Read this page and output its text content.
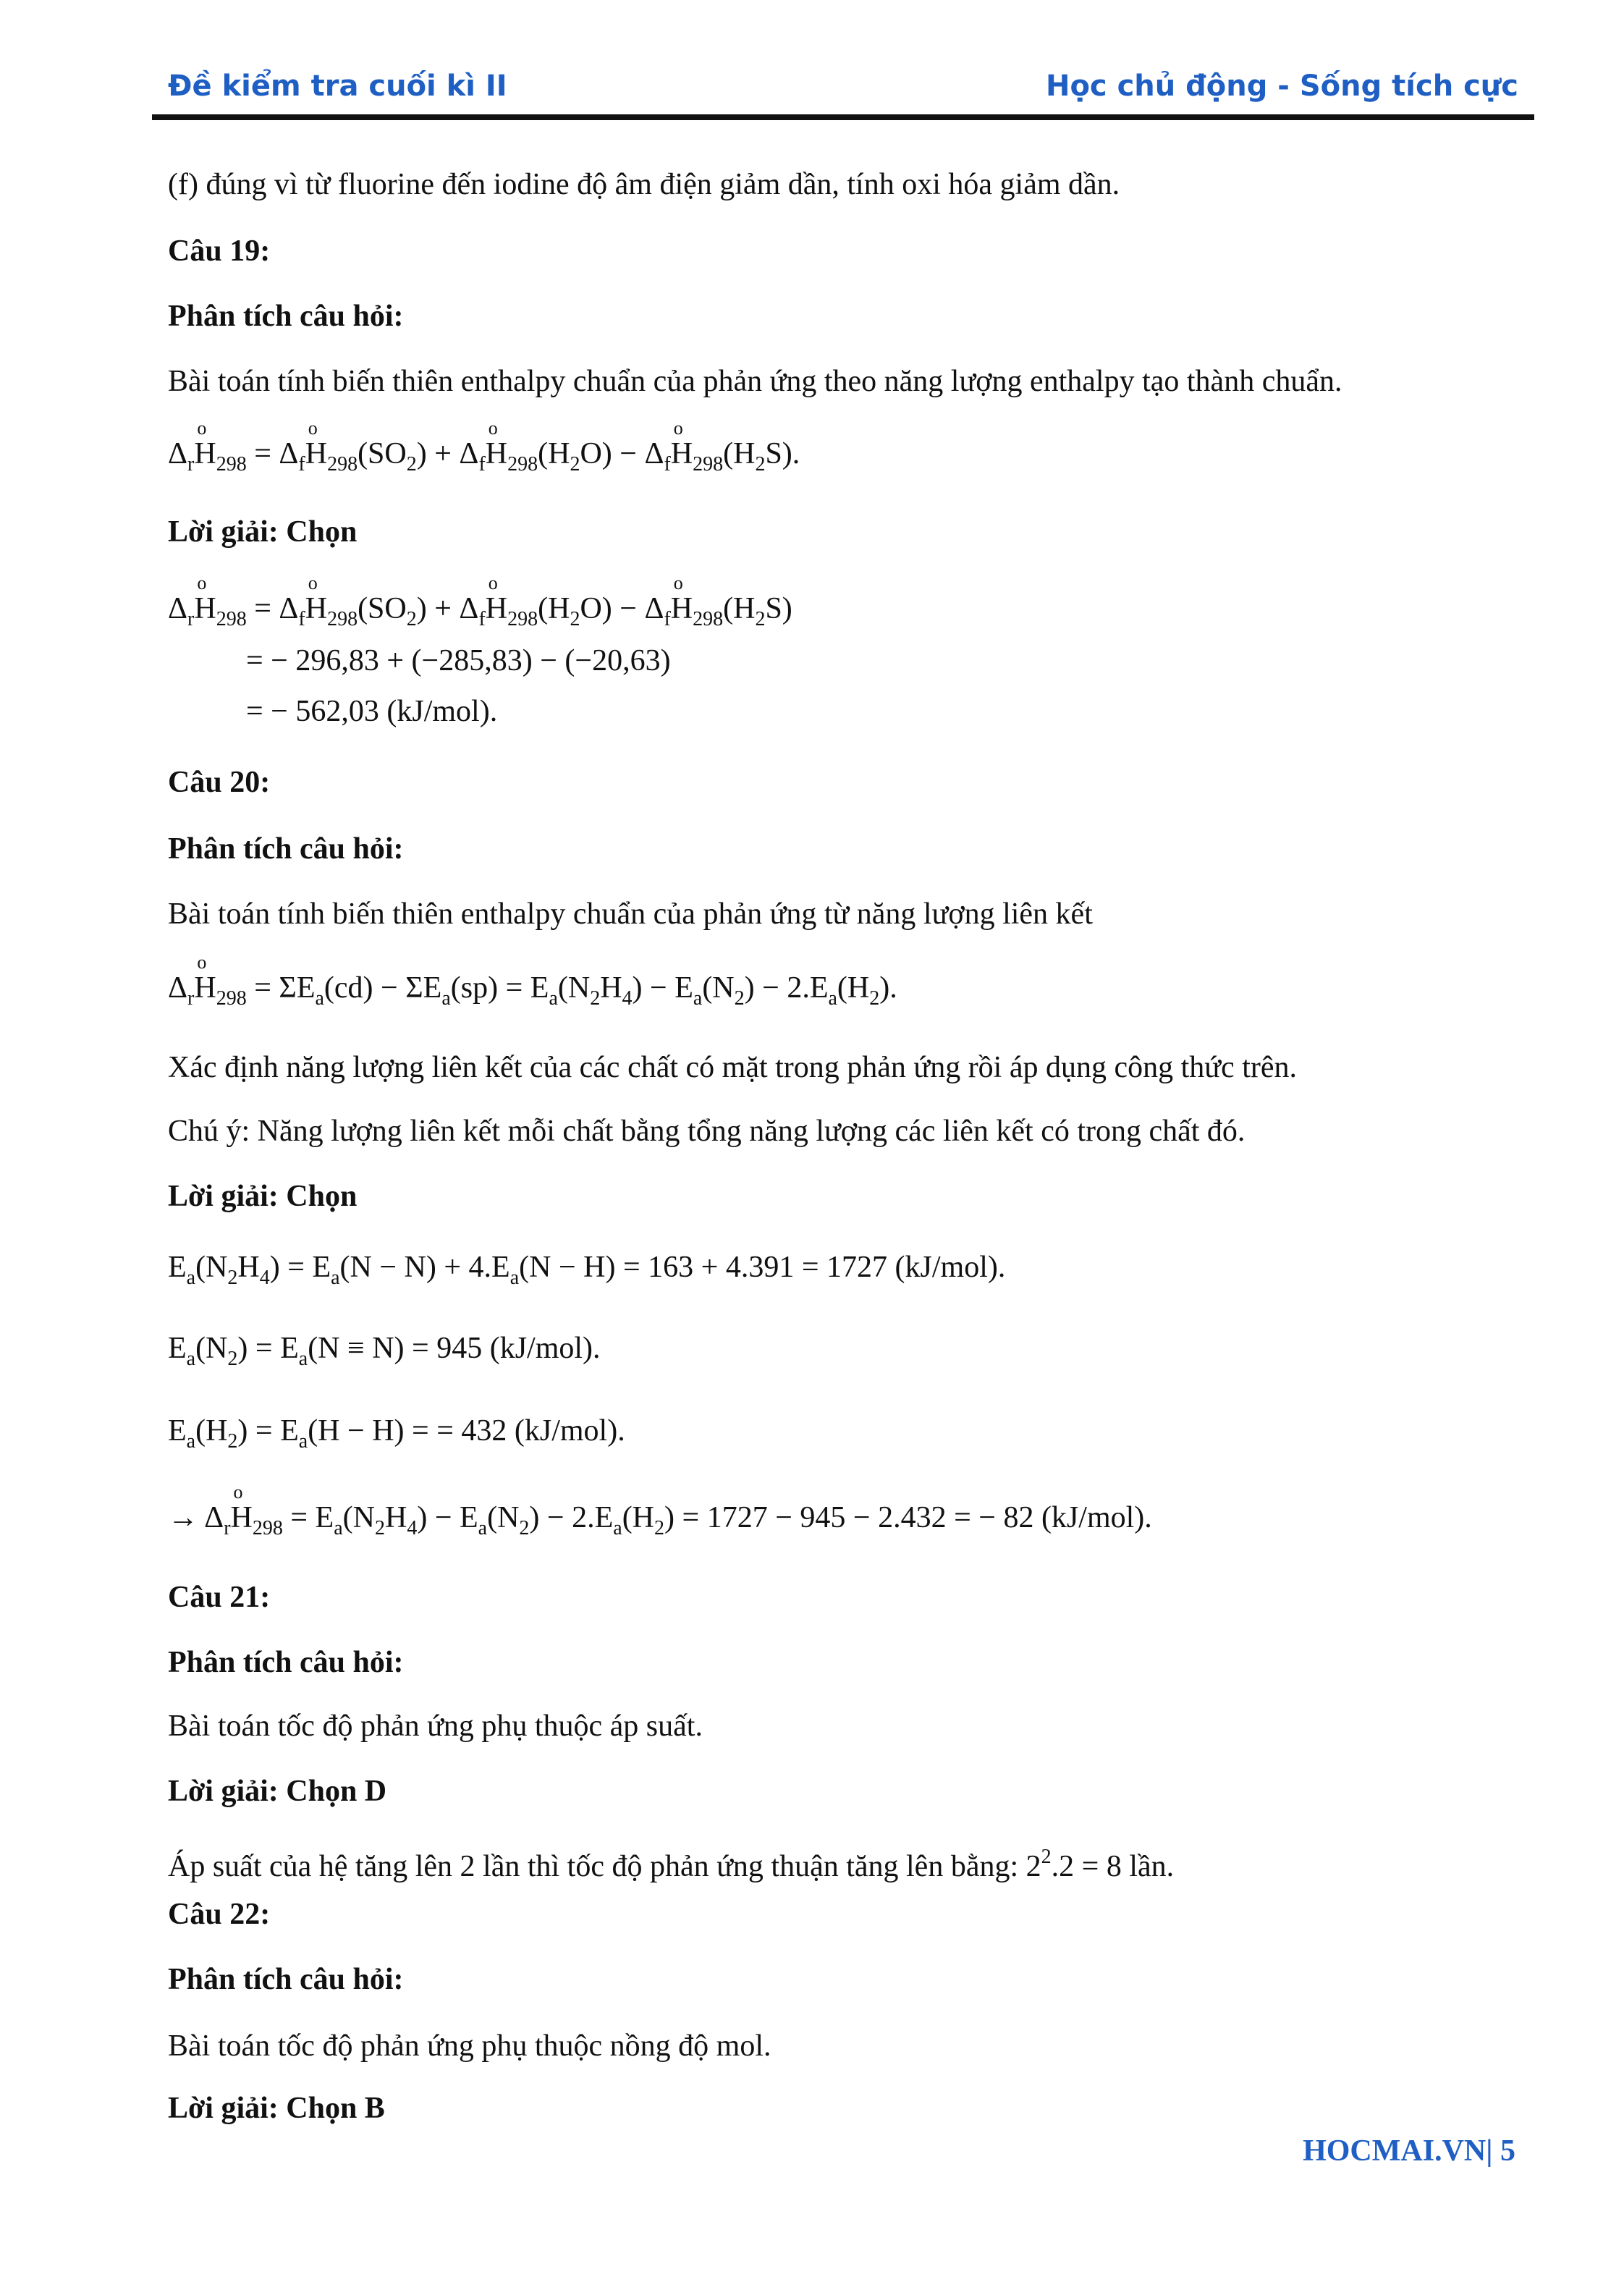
Đề kiểm tra cuối kì II	Học chủ động - Sống tích cực
(f) đúng vì từ fluorine đến iodine độ âm điện giảm dần, tính oxi hóa giảm dần.
Câu 19:
Phân tích câu hỏi:
Bài toán tính biến thiên enthalpy chuẩn của phản ứng theo năng lượng enthalpy tạo thành chuẩn.
$\Delta_rH$
o
$_{298} = \Delta_fH$
o
$_{298}(SO_2) + \Delta_fH$
o
$_{298}(H_2O) - \Delta_fH$
o
$_{298}(H_2S)$.
Lời giải: Chọn
$\Delta_rH$
o
$_{298} = \Delta_fH$
o
$_{298}(SO_2) + \Delta_fH$
o
$_{298}(H_2O) - \Delta_fH$
o
$_{298}(H_2S)$
= − 296,83 + (−285,83) − (−20,63)
= − 562,03 (kJ/mol).
Câu 20:
Phân tích câu hỏi:
Bài toán tính biến thiên enthalpy chuẩn của phản ứng từ năng lượng liên kết
$\Delta_rH$
o
$_{298} = \Sigma E_a(cd) - \Sigma E_a(sp) = E_a(N_2H_4) - E_a(N_2) - 2.E_a(H_2)$.
Xác định năng lượng liên kết của các chất có mặt trong phản ứng rồi áp dụng công thức trên.
Chú ý: Năng lượng liên kết mỗi chất bằng tổng năng lượng các liên kết có trong chất đó.
Lời giải: Chọn
$E_a(N_2H_4) = E_a(N - N) + 4.E_a(N - H) = 163 + 4.391 = 1727$ (kJ/mol).
$E_a(N_2) = E_a(N \equiv N) = 945$ (kJ/mol).
$E_a(H_2) = E_a(H - H)$ = = 432 (kJ/mol).
→ $\Delta_rH$
o
$_{298} = E_a(N_2H_4) - E_a(N_2) - 2.E_a(H_2) = 1727 - 945 - 2.432$ = − 82 (kJ/mol).
Câu 21:
Phân tích câu hỏi:
Bài toán tốc độ phản ứng phụ thuộc áp suất.
Lời giải: Chọn D
Áp suất của hệ tăng lên 2 lần thì tốc độ phản ứng thuận tăng lên bằng: $2^2.2 = 8$ lần.
Câu 22:
Phân tích câu hỏi:
Bài toán tốc độ phản ứng phụ thuộc nồng độ mol.
Lời giải: Chọn B
HOCMAI.VN| 5
